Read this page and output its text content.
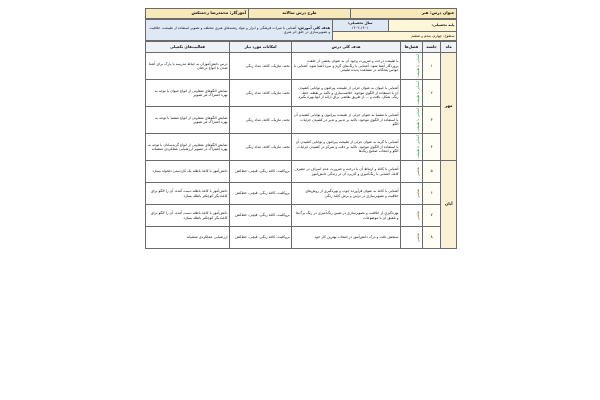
عنوان درس: هنر	طرح درس سالانه	آموزگار: محمدرضا زحمتکش
پایه تحصیلی:	
سال تحصیلی:
۱۴۰۲-۱۴۰۱
	هدف کلی آموزش: آشنایی با میراث فرهنگی و ابزار و مواد رشته‌های هنری مختلف و تصویر استفاده از طبیعت، خلاقیت و تصویرسازی در خلق اثر هنری
سطوح: چهارم، پنجم و ششم
ماه	جلسه	فصل‌ها	هدف کلی درس	امکانات مورد نیاز	فعالیت‌های تکمیلی
مهر	۱	آشنایی با طبیعت	با طبیعت درخت و ضرورت وجود آن به عنوان بخشی از خلقت پروردگار آشنا شود. آشنایی با رنگ‌های گرم و سرد آشنا شود. آشنایی با حواس پنجگانه در مشاهده پدیده طبیعی	تخته، ماژیک، کاغذ، مداد رنگی	درس دانش‌آموزان به حیاط مدرسه یا پارک برای آشنا شدن با انواع درختان
	۲	آشنایی با طبیعت	آشنایی با حیوان به عنوان جزئی از طبیعت پیرامون و توانایی کشیدن آن با استفاده از الگوی موجود. خلاصه‌سازی و تاکید بر نقطه، خط، رنگ، شکل، بافت و ... از طریق نقاشی برای ارائه از آنها بهره بگیرد.	تخته، ماژیک، کاغذ، مداد رنگی	نمایش الگوهای متفاوتی از انواع حیوان با توجه به بهره اشتراک هر تصویر
	۳	آشنایی با طبیعت	آشنایی با مشتیا به عنوان جزئی از طبیعت پیرامون و توانایی کشیدن آن با استفاده از الگوی موجود. تاکید بر تدبیر و تدبر در کشیدن جزئیات الگو	تخته، ماژیک، کاغذ، مداد رنگی	نمایش الگوهای متفاوتی از انواع مشتیا با توجه به بهره اشتراک هر تصویر
	۴	آشنایی با طبیعت	آشنایی با گربه به عنوان جزئی از طبیعت پیرامون و توانایی کشیدن آن با استفاده از الگوی موجود. تاکید بر دقت و تمرکز در کشیدن جزئیات الگو و انتخاب صحیح رنگ‌ها	تخته، ماژیک، کاغذ، مداد رنگی	نمایش الگوهای متفاوتی از انواع گربه‌سانان با توجه به بهره اشتراک در تصویر ارزشیابی عملکردی منشیانه
آبان	۵	نقاشی	آشنایی با کاغذ و ارتباط آن با درخت و ضرورت عدم اسراف در مصرف کاغذ. آشنایی با رنگ‌آمیزی و کاربرد آن در زندگی دانش‌آموز	بروکلیت، کاغذ رنگی، قیچی، خط‌کش	دانش‌آموز با کاغذ باطله یک کاردستی دلخواه بسازد
	۶	نقاشی	آشنایی با کاغذ به عنوان فرآورده چوب و بهره‌گیری از روش‌های خلاقیت و تصویرسازی در تزئین و برش کاغذ رنگی	بروکلیت، کاغذ رنگی، قیچی، خط‌کش	دانش‌آموز با کاغذ باطله دست آمده، آن را الگو برای کاغذ‌دیگر کوچکتر باطله بسازد
	۷	نقاشی	بهره‌گیری از خلاقیت و تصویرسازی در تعیین رنگ‌آمیزی در رنگ برگ‌ها و تلفیق آن با موضوعات	بروکلیت، کاغذ رنگی، قیچی، خط‌کش	دانش‌آموز با کاغذ باطله دست آمده، آن را الگو برای کاغذ‌دیگر کوچکتر باطله بسازد
	۸	نقاشی	سنجش دقت و درک دانش‌آموز در انتخاب بهترین کار خود	بروکلیت، کاغذ رنگی، قیچی، خط‌کش	ارزشیابی عملکردی منشیانه
